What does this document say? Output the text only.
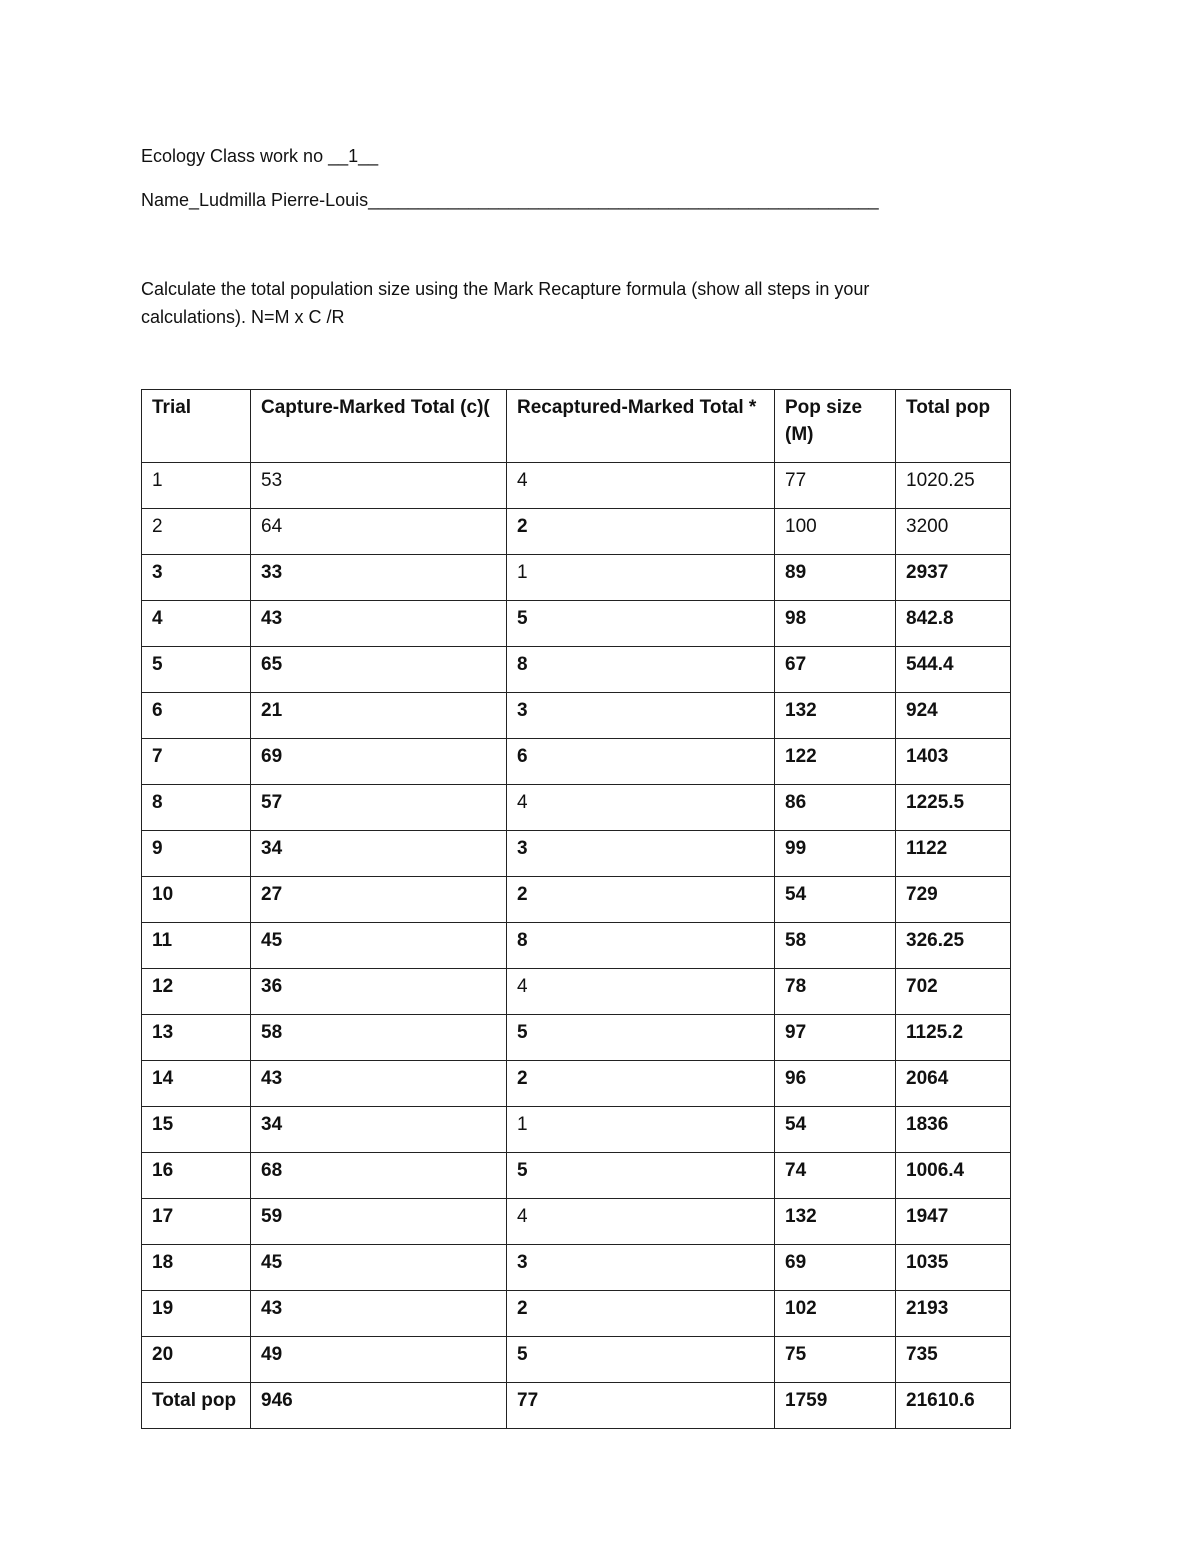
Ecology Class work no __1__
Name_Ludmilla Pierre-Louis___________________________________________________
Calculate the total population size using the Mark Recapture formula (show all steps in your
calculations). N=M x C /R
Trial	Capture-Marked Total (c)(	Recaptured-Marked Total *	Pop size (M)	Total pop
1	53	4	77	1020.25
2	64	2	100	3200
3	33	1	89	2937
4	43	5	98	842.8
5	65	8	67	544.4
6	21	3	132	924
7	69	6	122	1403
8	57	4	86	1225.5
9	34	3	99	1122
10	27	2	54	729
11	45	8	58	326.25
12	36	4	78	702
13	58	5	97	1125.2
14	43	2	96	2064
15	34	1	54	1836
16	68	5	74	1006.4
17	59	4	132	1947
18	45	3	69	1035
19	43	2	102	2193
20	49	5	75	735
Total pop	946	77	1759	21610.6
